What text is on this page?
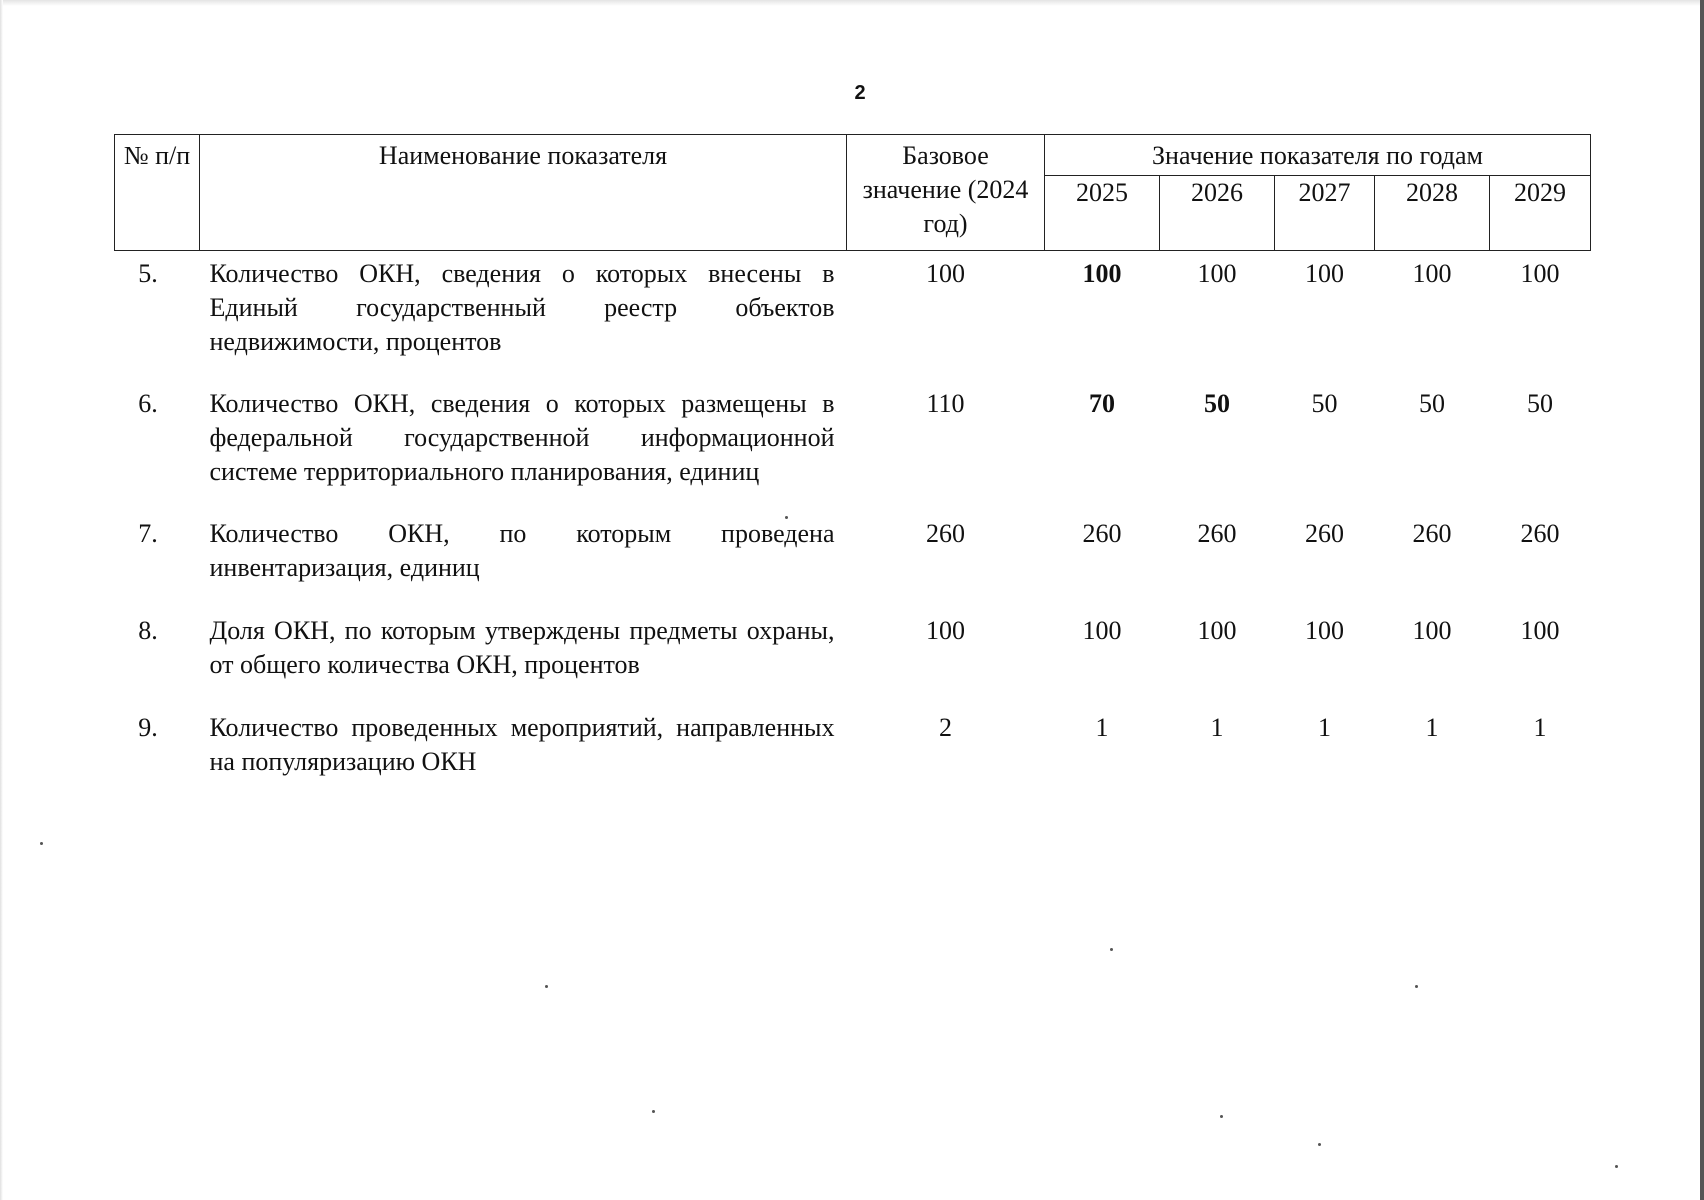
2
№ п/п	Наименование показателя	Базовое значение (2024 год)	Значение показателя по годам				
			2025	2026	2027	2028	2029
5.	Количество ОКН, сведения о которых внесены в Единый государственный реестр объектов недвижимости, процентов	100	100	100	100	100	100
6.	Количество ОКН, сведения о которых размещены в федеральной государственной информационной системе территориального планирования, единиц	110	70	50	50	50	50
7.	Количество ОКН, по которым проведена инвентаризация, единиц	260	260	260	260	260	260
8.	Доля ОКН, по которым утверждены предметы охраны, от общего количества ОКН, процентов	100	100	100	100	100	100
9.	Количество проведенных мероприятий, направленных на популяризацию ОКН	2	1	1	1	1	1
